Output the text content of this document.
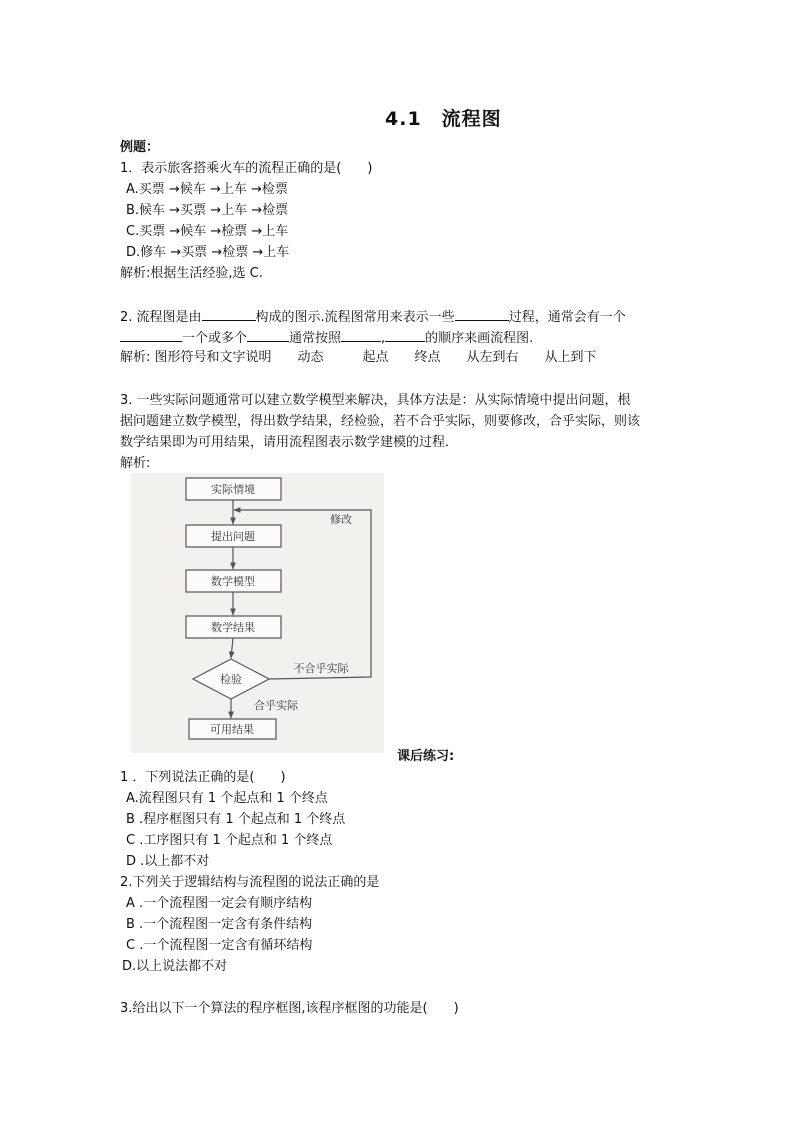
4.1　流程图
例题：
1．表示旅客搭乘火车的流程正确的是(　　)
A.买票 →候车 →上车 →检票
B.候车 →买票 →上车 →检票
C.买票 →候车 →检票 →上车
D.修车 →买票 →检票 →上车
解析:根据生活经验,选 C.
2. 流程图是由	构成的图示.流程图常用来表示一些	过程，通常会有一个
一个或多个	通常按照	,	的顺序来画流程图.
解析: 图形符号和文字说明　　动态　　　起点　　终点　　从左到右　　从上到下
3. 一些实际问题通常可以建立数学模型来解决，具体方法是：从实际情境中提出问题，根
据问题建立数学模型，得出数学结果，经检验，若不合乎实际，则要修改，合乎实际，则该
数学结果即为可用结果，请用流程图表示数学建模的过程．
解析:
实际情境
提出问题
数学模型
数学结果
检验
可用结果
修改
不合乎实际
合乎实际
课后练习:
1 ．下列说法正确的是(　　)
A.流程图只有 1 个起点和 1 个终点
B .程序框图只有 1 个起点和 1 个终点
C .工序图只有 1 个起点和 1 个终点
D .以上都不对
2.下列关于逻辑结构与流程图的说法正确的是
A .一个流程图一定会有顺序结构
B .一个流程图一定含有条件结构
C .一个流程图一定含有循环结构
D.以上说法都不对
3.给出以下一个算法的程序框图,该程序框图的功能是(　　)
